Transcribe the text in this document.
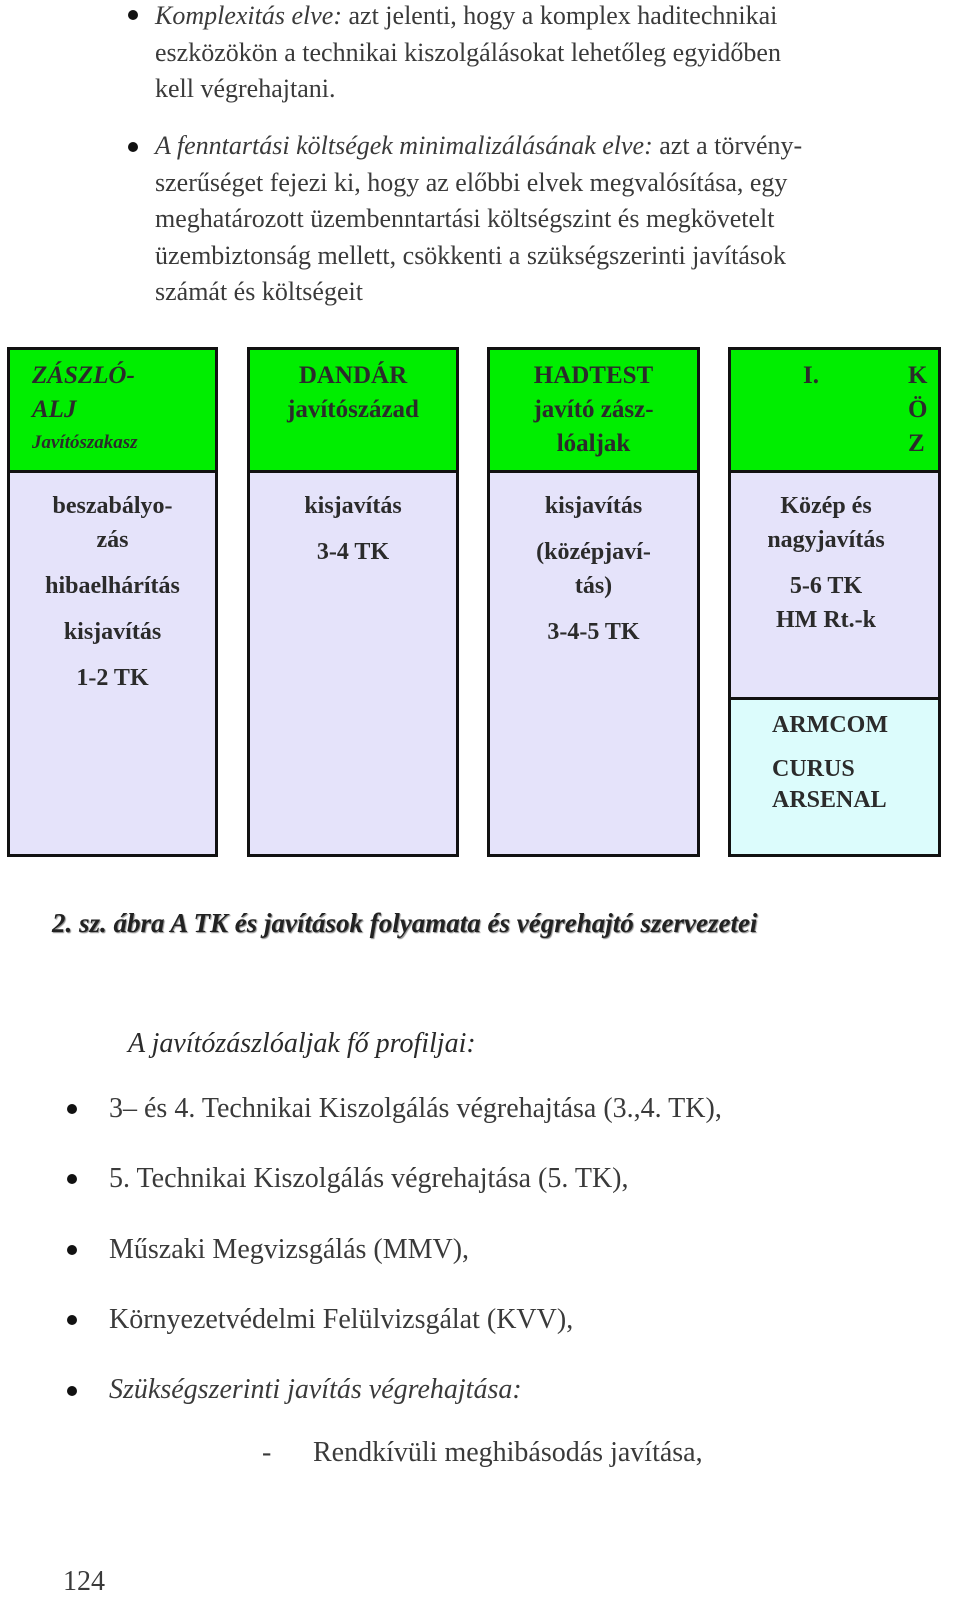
Komplexitás elve: azt jelenti, hogy a komplex haditechnikai
eszközökön a technikai kiszolgálásokat lehetőleg egyidőben
kell végrehajtani.
A fenntartási költségek minimalizálásának elve: azt a törvény-
szerűséget fejezi ki, hogy az előbbi elvek megvalósítása, egy
meghatározott üzembenntartási költségszint és megkövetelt
üzembiztonság mellett, csökkenti a szükségszerinti javítások
számát és költségeit
ZÁSZLÓ-
ALJ
Javítószakasz
beszabályo-
zás
hibaelhárítás
kisjavítás
1-2 TK
DANDÁR
javítószázad
kisjavítás
3-4 TK
HADTEST
javító zász-
lóaljak
kisjavítás
(középjaví-
tás)
3-4-5 TK
I.	K
Ö
Z
Közép és
nagyjavítás
5-6 TK
HM Rt.-k
ARMCOM
CURUS
ARSENAL
2. sz. ábra A TK és javítások folyamata és végrehajtó szervezetei
A javítózászlóaljak fő profiljai:
3– és 4. Technikai Kiszolgálás végrehajtása (3.,4. TK),
5. Technikai Kiszolgálás végrehajtása (5. TK),
Műszaki Megvizsgálás (MMV),
Környezetvédelmi Felülvizsgálat (KVV),
Szükségszerinti javítás végrehajtása:
- Rendkívüli meghibásodás javítása,
124
